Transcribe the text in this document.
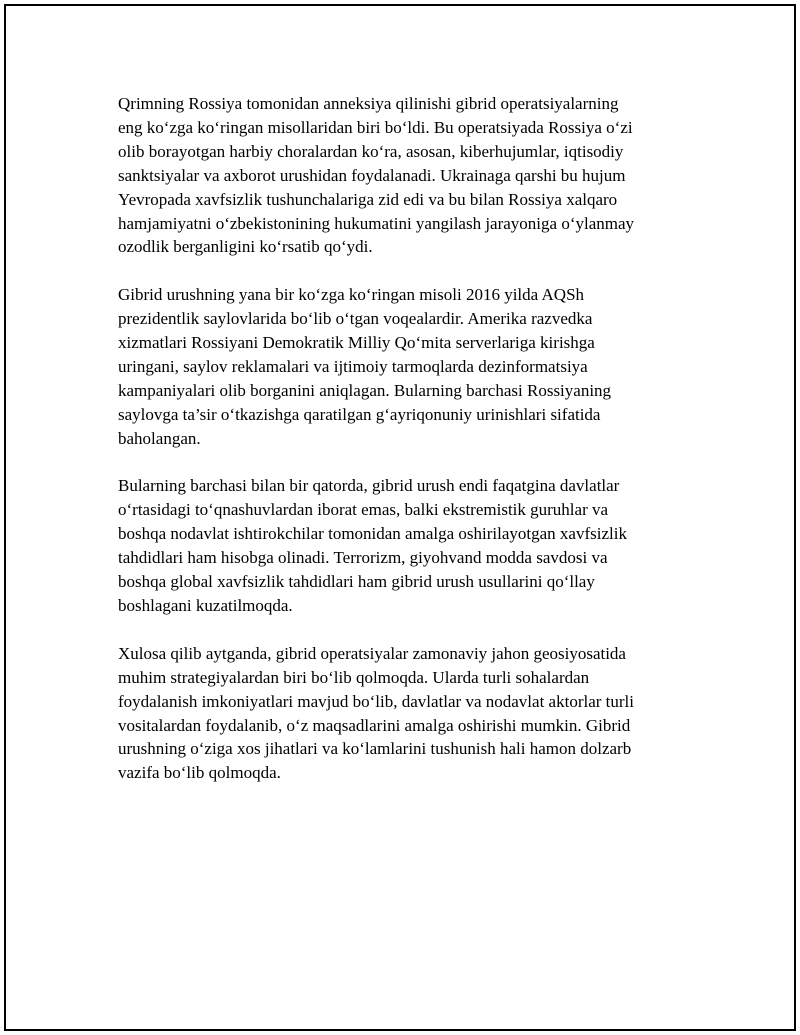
Qrimning Rossiya tomonidan anneksiya qilinishi gibrid operatsiyalarning
eng ko‘zga ko‘ringan misollaridan biri bo‘ldi. Bu operatsiyada Rossiya o‘zi
olib borayotgan harbiy choralardan ko‘ra, asosan, kiberhujumlar, iqtisodiy
sanktsiyalar va axborot urushidan foydalanadi. Ukrainaga qarshi bu hujum
Yevropada xavfsizlik tushunchalariga zid edi va bu bilan Rossiya xalqaro
hamjamiyatni o‘zbekistonining hukumatini yangilash jarayoniga o‘ylanmay
ozodlik berganligini ko‘rsatib qo‘ydi.

Gibrid urushning yana bir ko‘zga ko‘ringan misoli 2016 yilda AQSh
prezidentlik saylovlarida bo‘lib o‘tgan voqealardir. Amerika razvedka
xizmatlari Rossiyani Demokratik Milliy Qo‘mita serverlariga kirishga
uringani, saylov reklamalari va ijtimoiy tarmoqlarda dezinformatsiya
kampaniyalari olib borganini aniqlagan. Bularning barchasi Rossiyaning
saylovga ta’sir o‘tkazishga qaratilgan g‘ayriqonuniy urinishlari sifatida
baholangan.

Bularning barchasi bilan bir qatorda, gibrid urush endi faqatgina davlatlar
o‘rtasidagi to‘qnashuvlardan iborat emas, balki ekstremistik guruhlar va
boshqa nodavlat ishtirokchilar tomonidan amalga oshirilayotgan xavfsizlik
tahdidlari ham hisobga olinadi. Terrorizm, giyohvand modda savdosi va
boshqa global xavfsizlik tahdidlari ham gibrid urush usullarini qo‘llay
boshlagani kuzatilmoqda.

Xulosa qilib aytganda, gibrid operatsiyalar zamonaviy jahon geosiyosatida
muhim strategiyalardan biri bo‘lib qolmoqda. Ularda turli sohalardan
foydalanish imkoniyatlari mavjud bo‘lib, davlatlar va nodavlat aktorlar turli
vositalardan foydalanib, o‘z maqsadlarini amalga oshirishi mumkin. Gibrid
urushning o‘ziga xos jihatlari va ko‘lamlarini tushunish hali hamon dolzarb
vazifa bo‘lib qolmoqda.
